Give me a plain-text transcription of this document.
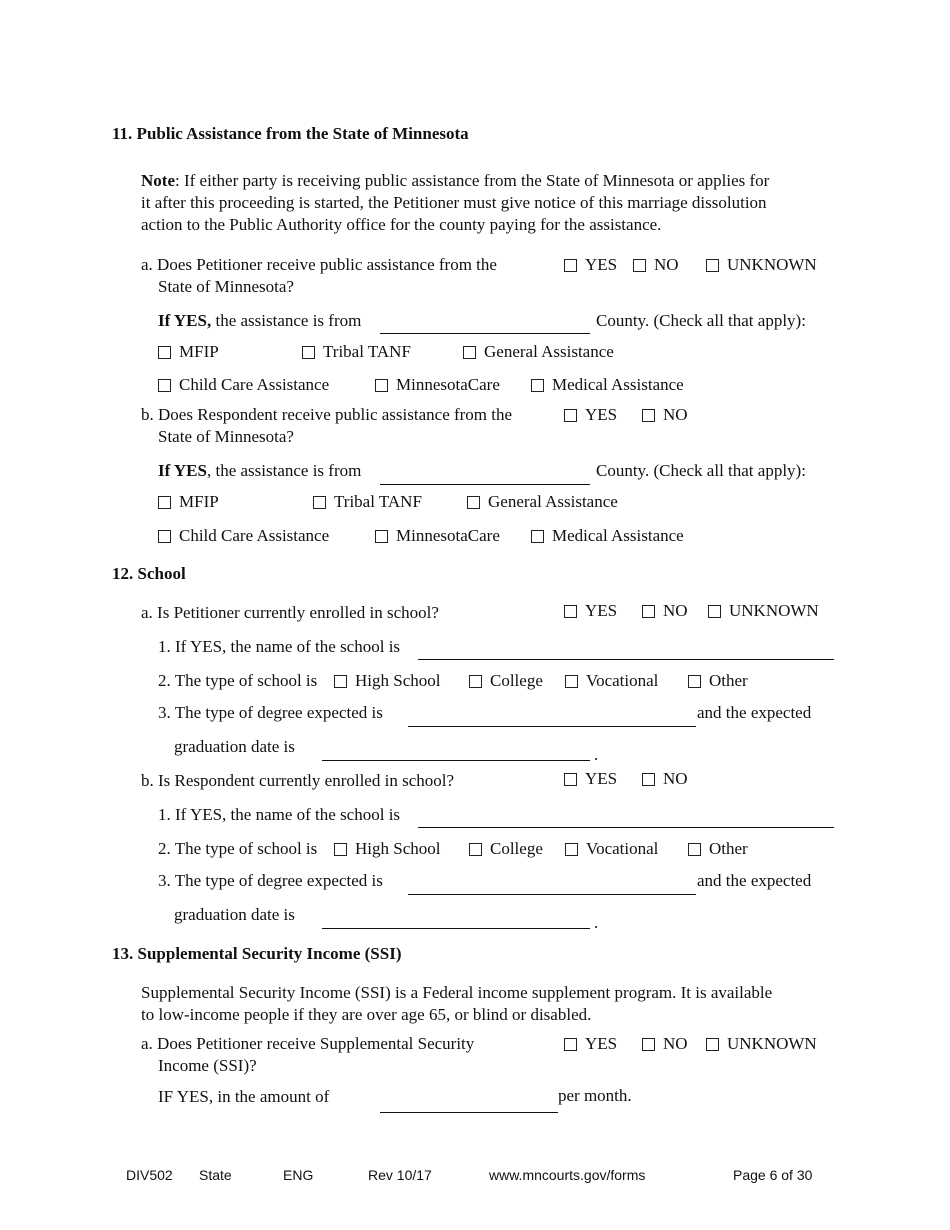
11. Public Assistance from the State of Minnesota
Note: If either party is receiving public assistance from the State of Minnesota or applies for
it after this proceeding is started, the Petitioner must give notice of this marriage dissolution
action to the Public Authority office for the county paying for the assistance.
a. Does Petitioner receive public assistance from the
State of Minnesota?
YES NO	UNKNOWN
If YES, the assistance is from	County. (Check all that apply):
MFIP	Tribal TANF	General Assistance
Child Care Assistance	MinnesotaCare	Medical Assistance
b. Does Respondent receive public assistance from the
State of Minnesota?
YES	NO
If YES, the assistance is from	County. (Check all that apply):
MFIP	Tribal TANF	General Assistance
Child Care Assistance	MinnesotaCare	Medical Assistance
12. School
a. Is Petitioner currently enrolled in school?	YES	NO UNKNOWN
1. If YES, the name of the school is
2. The type of school is High School	College	Vocational	Other
3. The type of degree expected is	and the expected
graduation date is	.
b. Is Respondent currently enrolled in school?	YES	NO
1. If YES, the name of the school is
2. The type of school is High School	College	Vocational	Other
3. The type of degree expected is	and the expected
graduation date is	.
13. Supplemental Security Income (SSI)
Supplemental Security Income (SSI) is a Federal income supplement program. It is available
to low-income people if they are over age 65, or blind or disabled.
a. Does Petitioner receive Supplemental Security
Income (SSI)?
YES	NO UNKNOWN
IF YES, in the amount of	per month.
DIV502 State	ENG	Rev 10/17	www.mncourts.gov/forms	Page 6 of 30
